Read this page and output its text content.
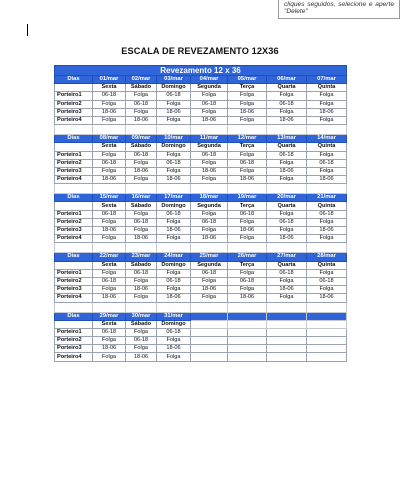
cliques seguidos, selecione e aperte "Delete"
ESCALA DE REVEZAMENTO 12X36
Revezamento 12 x 36							
Dias	01/mar	02/mar	03/mar	04/mar	05/mar	06/mar	07/mar
	Sexta	Sábado	Domingo	Segunda	Terça	Quarta	Quinta
Porteiro1	06-18	Folga	06-18	Folga	Folga	Folga	Folga
Porteiro2	Folga	06-18	Folga	06-18	Folga	06-18	Folga
Porteiro3	18-06	Folga	18-06	Folga	18-06	Folga	18-06
Porteiro4	Folga	18-06	Folga	18-06	Folga	18-06	Folga

Dias	08/mar	09/mar	10/mar	11/mar	12/mar	13/mar	14/mar
	Sexta	Sábado	Domingo	Segunda	Terça	Quarta	Quinta
Porteiro1	Folga	06-18	Folga	06-18	Folga	06-18	Folga
Porteiro2	06-18	Folga	06-18	Folga	06-18	Folga	06-18
Porteiro3	Folga	18-06	Folga	18-06	Folga	18-06	Folga
Porteiro4	18-06	Folga	18-06	Folga	18-06	Folga	18-06

Dias	15/mar	16/mar	17/mar	18/mar	19/mar	20/mar	21/mar
	Sexta	Sábado	Domingo	Segunda	Terça	Quarta	Quinta
Porteiro1	06-18	Folga	06-18	Folga	06-18	Folga	06-18
Porteiro2	Folga	06-18	Folga	06-18	Folga	06-18	Folga
Porteiro3	18-06	Folga	18-06	Folga	18-06	Folga	18-06
Porteiro4	Folga	18-06	Folga	18-06	Folga	18-06	Folga

Dias	22/mar	23/mar	24/mar	25/mar	26/mar	27/mar	28/mar
	Sexta	Sábado	Domingo	Segunda	Terça	Quarta	Quinta
Porteiro1	Folga	06-18	Folga	06-18	Folga	06-18	Folga
Porteiro2	06-18	Folga	06-18	Folga	06-18	Folga	06-18
Porteiro3	Folga	18-06	Folga	18-06	Folga	18-06	Folga
Porteiro4	18-06	Folga	18-06	Folga	18-06	Folga	18-06

Dias	29/mar	30/mar	31/mar				
	Sexta	Sábado	Domingo				
Porteiro1	06-18	Folga	06-18				
Porteiro2	Folga	06-18	Folga				
Porteiro3	18-06	Folga	18-06				
Porteiro4	Folga	18-06	Folga				
